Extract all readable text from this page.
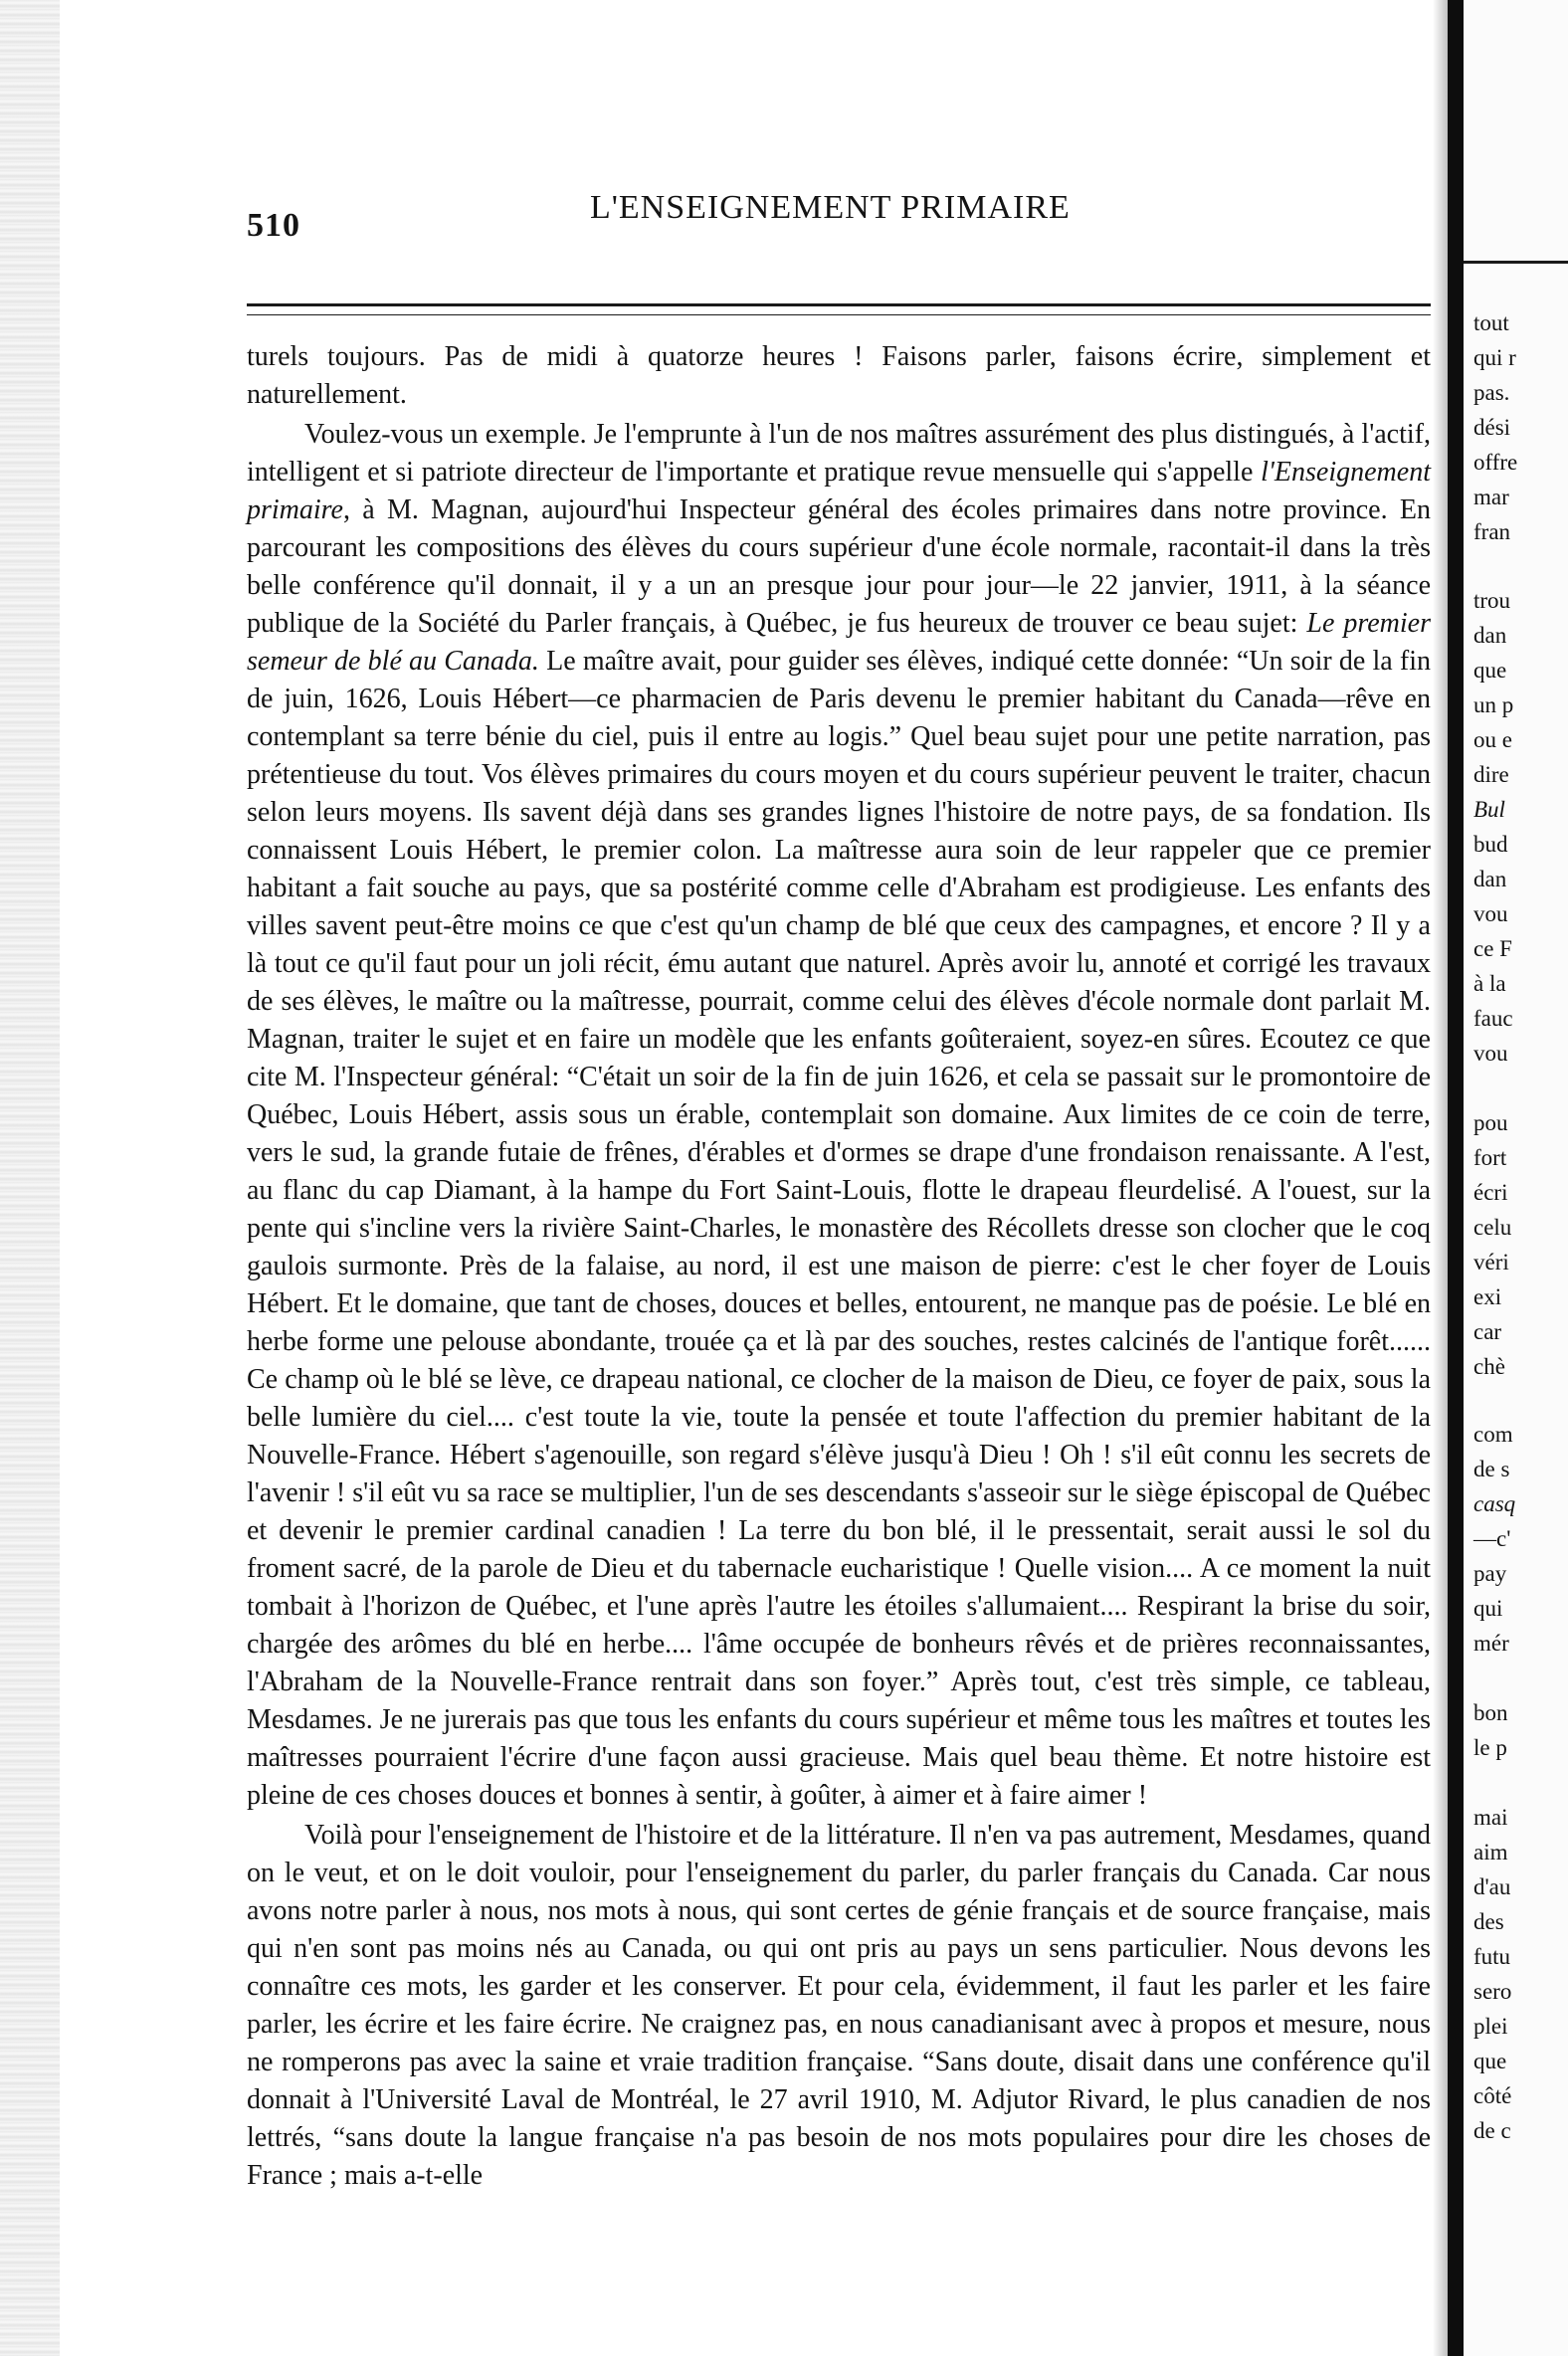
510	L'ENSEIGNEMENT PRIMAIRE

turels toujours. Pas de midi à quatorze heures ! Faisons parler, faisons écrire, simplement et naturellement.

Voulez-vous un exemple. Je l'emprunte à l'un de nos maîtres assurément des plus distingués, à l'actif, intelligent et si patriote directeur de l'importante et pratique revue mensuelle qui s'appelle l'Enseignement primaire, à M. Magnan, aujourd'hui Inspecteur général des écoles primaires dans notre province. En parcourant les compositions des élèves du cours supérieur d'une école normale, racontait-il dans la très belle conférence qu'il donnait, il y a un an presque jour pour jour—le 22 janvier, 1911, à la séance publique de la Société du Parler français, à Québec, je fus heureux de trouver ce beau sujet: Le premier semeur de blé au Canada. Le maître avait, pour guider ses élèves, indiqué cette donnée: “Un soir de la fin de juin, 1626, Louis Hébert—ce pharmacien de Paris devenu le premier habitant du Canada—rêve en contemplant sa terre bénie du ciel, puis il entre au logis.” Quel beau sujet pour une petite narration, pas prétentieuse du tout. Vos élèves primaires du cours moyen et du cours supérieur peuvent le traiter, chacun selon leurs moyens. Ils savent déjà dans ses grandes lignes l'histoire de notre pays, de sa fondation. Ils connaissent Louis Hébert, le premier colon. La maîtresse aura soin de leur rappeler que ce premier habitant a fait souche au pays, que sa postérité comme celle d'Abraham est prodigieuse. Les enfants des villes savent peut-être moins ce que c'est qu'un champ de blé que ceux des campagnes, et encore ? Il y a là tout ce qu'il faut pour un joli récit, ému autant que naturel. Après avoir lu, annoté et corrigé les travaux de ses élèves, le maître ou la maîtresse, pourrait, comme celui des élèves d'école normale dont parlait M. Magnan, traiter le sujet et en faire un modèle que les enfants goûteraient, soyez-en sûres. Ecoutez ce que cite M. l'Inspecteur général: “C'était un soir de la fin de juin 1626, et cela se passait sur le promontoire de Québec, Louis Hébert, assis sous un érable, contemplait son domaine. Aux limites de ce coin de terre, vers le sud, la grande futaie de frênes, d'érables et d'ormes se drape d'une frondaison renaissante. A l'est, au flanc du cap Diamant, à la hampe du Fort Saint-Louis, flotte le drapeau fleurdelisé. A l'ouest, sur la pente qui s'incline vers la rivière Saint-Charles, le monastère des Récollets dresse son clocher que le coq gaulois surmonte. Près de la falaise, au nord, il est une maison de pierre: c'est le cher foyer de Louis Hébert. Et le domaine, que tant de choses, douces et belles, entourent, ne manque pas de poésie. Le blé en herbe forme une pelouse abondante, trouée ça et là par des souches, restes calcinés de l'antique forêt...... Ce champ où le blé se lève, ce drapeau national, ce clocher de la maison de Dieu, ce foyer de paix, sous la belle lumière du ciel.... c'est toute la vie, toute la pensée et toute l'affection du premier habitant de la Nouvelle-France. Hébert s'agenouille, son regard s'élève jusqu'à Dieu ! Oh ! s'il eût connu les secrets de l'avenir ! s'il eût vu sa race se multiplier, l'un de ses descendants s'asseoir sur le siège épiscopal de Québec et devenir le premier cardinal canadien ! La terre du bon blé, il le pressentait, serait aussi le sol du froment sacré, de la parole de Dieu et du tabernacle eucharistique ! Quelle vision.... A ce moment la nuit tombait à l'horizon de Québec, et l'une après l'autre les étoiles s'allumaient.... Respirant la brise du soir, chargée des arômes du blé en herbe.... l'âme occupée de bonheurs rêvés et de prières reconnaissantes, l'Abraham de la Nouvelle-France rentrait dans son foyer.” Après tout, c'est très simple, ce tableau, Mesdames. Je ne jurerais pas que tous les enfants du cours supérieur et même tous les maîtres et toutes les maîtresses pourraient l'écrire d'une façon aussi gracieuse. Mais quel beau thème. Et notre histoire est pleine de ces choses douces et bonnes à sentir, à goûter, à aimer et à faire aimer !

Voilà pour l'enseignement de l'histoire et de la littérature. Il n'en va pas autrement, Mesdames, quand on le veut, et on le doit vouloir, pour l'enseignement du parler, du parler français du Canada. Car nous avons notre parler à nous, nos mots à nous, qui sont certes de génie français et de source française, mais qui n'en sont pas moins nés au Canada, ou qui ont pris au pays un sens particulier. Nous devons les connaître ces mots, les garder et les conserver. Et pour cela, évidemment, il faut les parler et les faire parler, les écrire et les faire écrire. Ne craignez pas, en nous canadianisant avec à propos et mesure, nous ne romperons pas avec la saine et vraie tradition française. “Sans doute, disait dans une conférence qu'il donnait à l'Université Laval de Montréal, le 27 avril 1910, M. Adjutor Rivard, le plus canadien de nos lettrés, “sans doute la langue française n'a pas besoin de nos mots populaires pour dire les choses de France ; mais a-t-elle

tout
qui r
pas.
dési
offre
mar
fran
trou
dan
que
un p
ou e
dire
Bul
bud
dan
vou
ce F
à la
fauc
vou
pou
fort
écri
celu
véri
exi
car
chè
com
de s
casq
—c'
pay
qui
mér
bon
le p
mai
aim
d'au
des
futu
sero
plei
que
côté
de c
